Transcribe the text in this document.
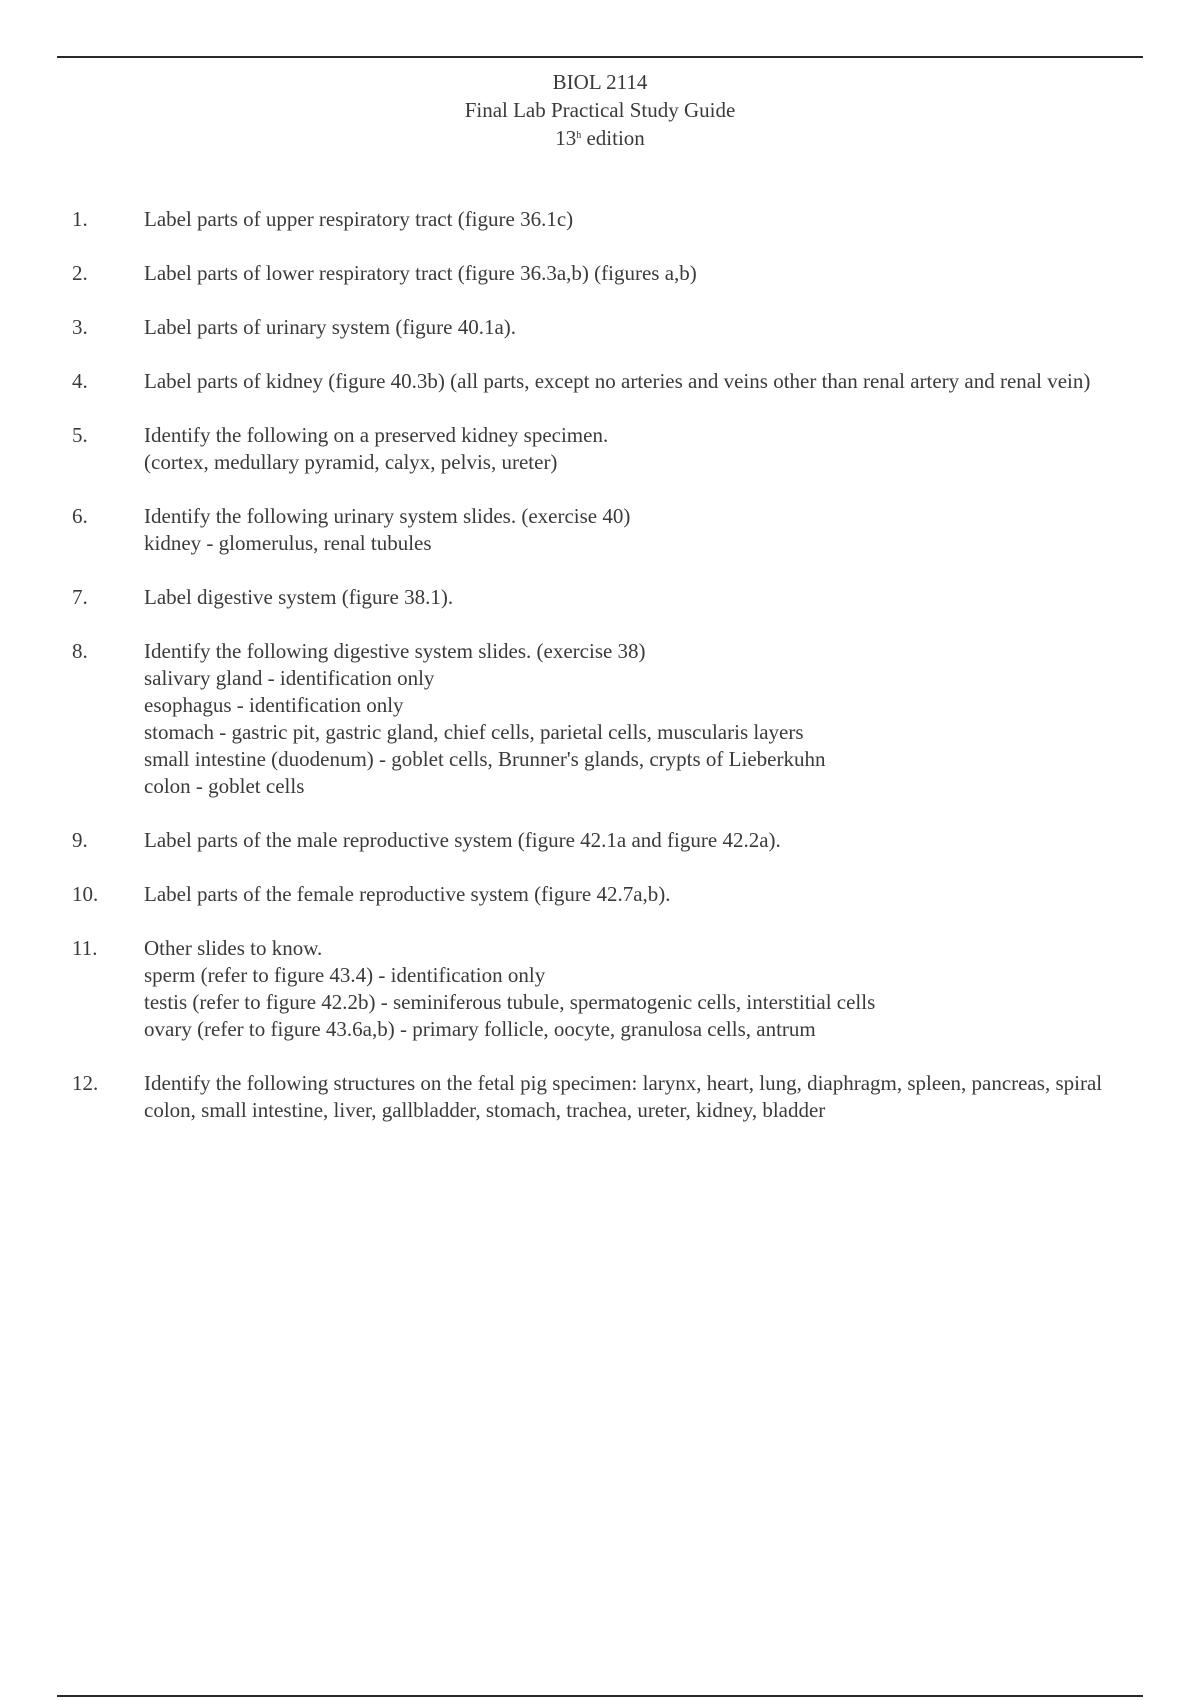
BIOL 2114
Final Lab Practical Study Guide
13$^h$ edition
1.	Label parts of upper respiratory tract (figure 36.1c)
2.	Label parts of lower respiratory tract (figure 36.3a,b) (figures a,b)
3.	Label parts of urinary system (figure 40.1a).
4.	Label parts of kidney (figure 40.3b) (all parts, except no arteries and veins other than renal artery and renal vein)
5.	Identify the following on a preserved kidney specimen.
(cortex, medullary pyramid, calyx, pelvis, ureter)
6.	Identify the following urinary system slides. (exercise 40)
kidney - glomerulus, renal tubules
7.	Label digestive system (figure 38.1).
8.	Identify the following digestive system slides. (exercise 38)
salivary gland - identification only
esophagus - identification only
stomach - gastric pit, gastric gland, chief cells, parietal cells, muscularis layers
small intestine (duodenum) - goblet cells, Brunner's glands, crypts of Lieberkuhn
colon - goblet cells
9.	Label parts of the male reproductive system (figure 42.1a and figure 42.2a).
10.	Label parts of the female reproductive system (figure 42.7a,b).
11.	Other slides to know.
sperm (refer to figure 43.4) - identification only
testis (refer to figure 42.2b) - seminiferous tubule, spermatogenic cells, interstitial cells
ovary (refer to figure 43.6a,b) - primary follicle, oocyte, granulosa cells, antrum
12.	Identify the following structures on the fetal pig specimen: larynx, heart, lung, diaphragm, spleen, pancreas, spiral colon, small intestine, liver, gallbladder, stomach, trachea, ureter, kidney, bladder
